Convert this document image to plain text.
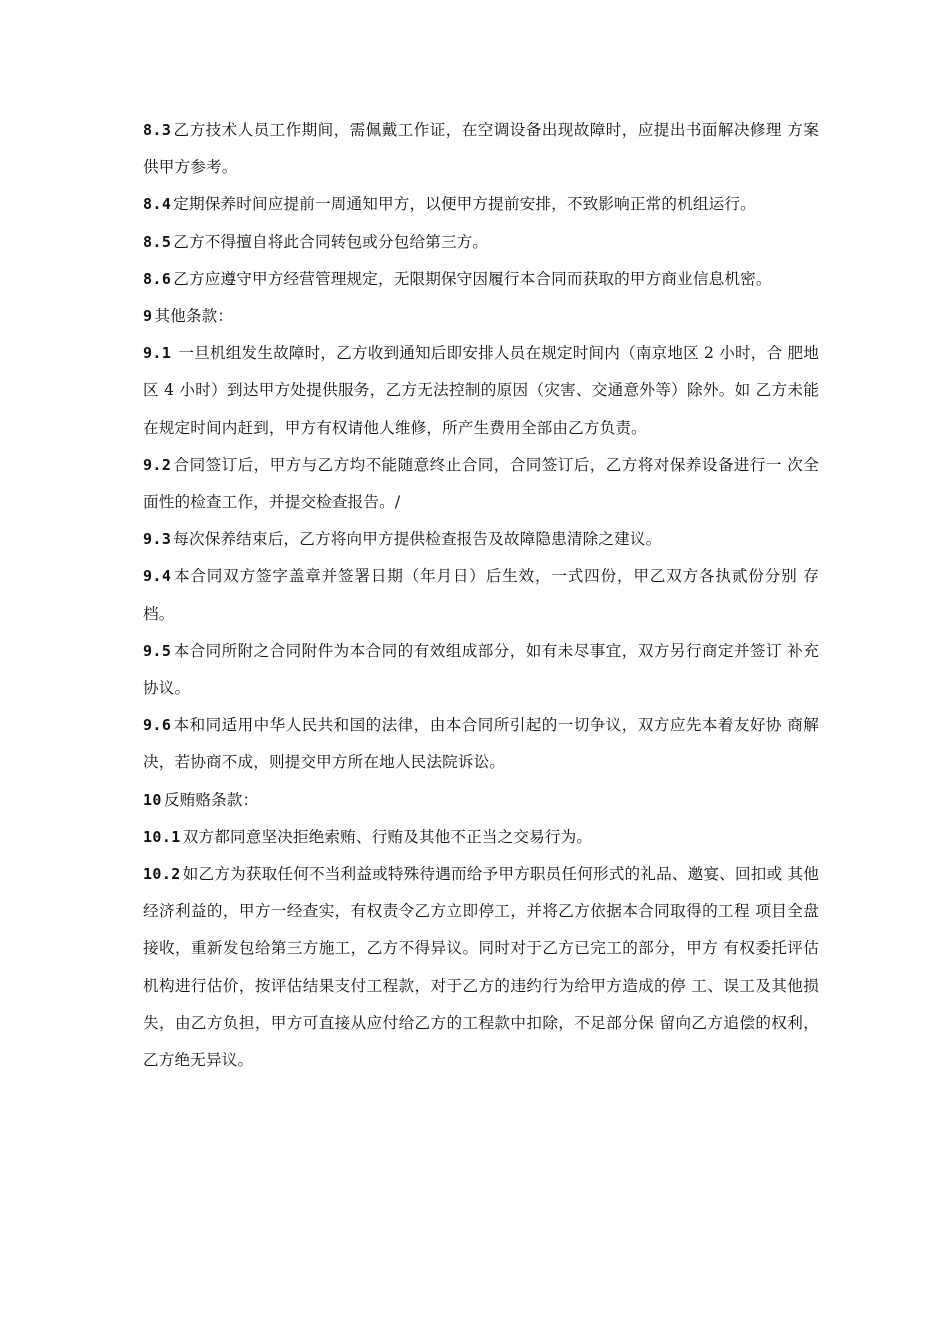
8.3 乙方技术人员工作期间，需佩戴工作证，在空调设备出现故障时，应提出书面解决修理 方案供甲方参考。

8.4 定期保养时间应提前一周通知甲方，以便甲方提前安排，不致影响正常的机组运行。

8.5 乙方不得擅自将此合同转包或分包给第三方。

8.6 乙方应遵守甲方经营管理规定，无限期保守因履行本合同而获取的甲方商业信息机密。

9 其他条款：

9.1 一旦机组发生故障时，乙方收到通知后即安排人员在规定时间内（南京地区 2 小时，合 肥地区 4 小时）到达甲方处提供服务，乙方无法控制的原因（灾害、交通意外等）除外。如 乙方未能在规定时间内赶到，甲方有权请他人维修，所产生费用全部由乙方负责。

9.2 合同签订后，甲方与乙方均不能随意终止合同，合同签订后，乙方将对保养设备进行一 次全面性的检查工作，并提交检查报告。/

9.3 每次保养结束后，乙方将向甲方提供检查报告及故障隐患清除之建议。

9.4 本合同双方签字盖章并签署日期（年月日）后生效，一式四份，甲乙双方各执贰份分别 存档。

9.5 本合同所附之合同附件为本合同的有效组成部分，如有未尽事宜，双方另行商定并签订 补充协议。

9.6 本和同适用中华人民共和国的法律，由本合同所引起的一切争议，双方应先本着友好协 商解决，若协商不成，则提交甲方所在地人民法院诉讼。

10 反贿赂条款：

10.1 双方都同意坚决拒绝索贿、行贿及其他不正当之交易行为。

10.2 如乙方为获取任何不当利益或特殊待遇而给予甲方职员任何形式的礼品、邀宴、回扣或 其他经济利益的，甲方一经查实，有权责令乙方立即停工，并将乙方依据本合同取得的工程 项目全盘接收，重新发包给第三方施工，乙方不得异议。同时对于乙方已完工的部分，甲方 有权委托评估机构进行估价，按评估结果支付工程款，对于乙方的违约行为给甲方造成的停 工、误工及其他损失，由乙方负担，甲方可直接从应付给乙方的工程款中扣除，不足部分保 留向乙方追偿的权利，乙方绝无异议。
